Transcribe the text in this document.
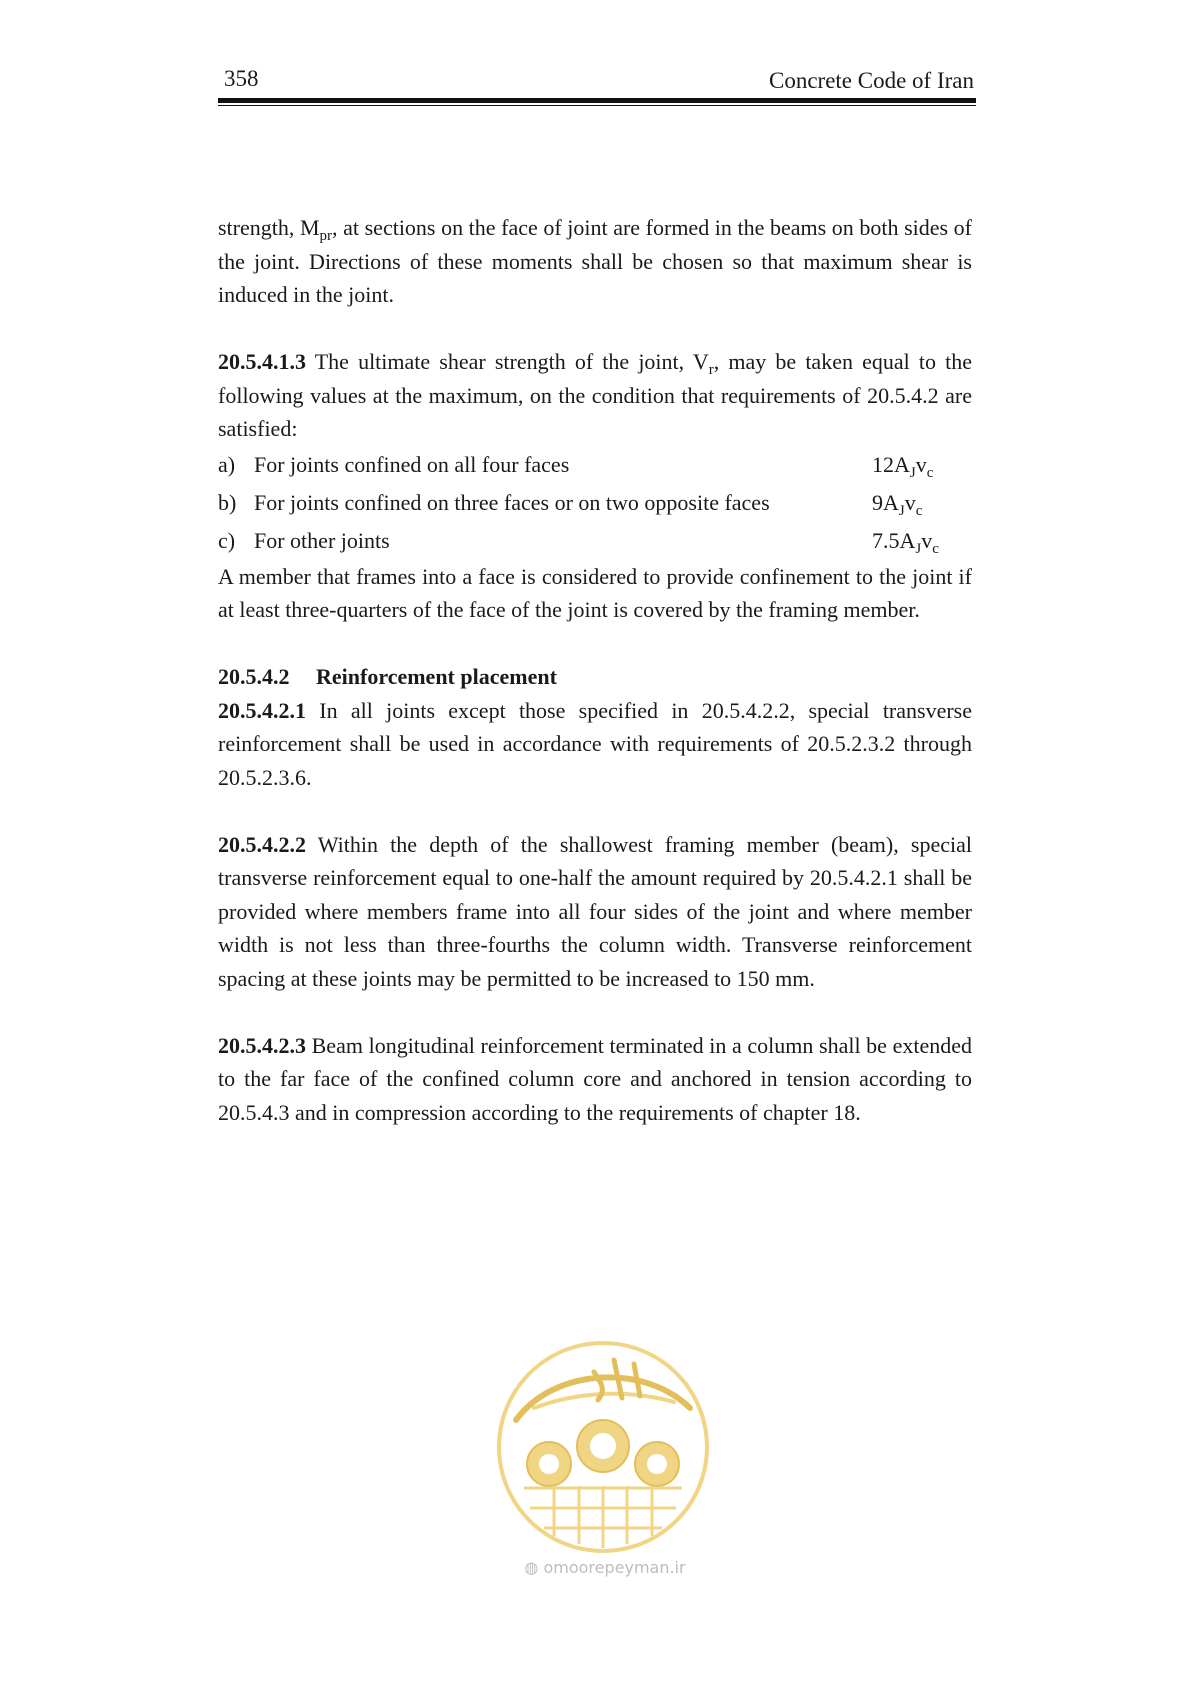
358	Concrete Code of Iran

strength, $M_{pr}$, at sections on the face of joint are formed in the beams on both sides of the joint. Directions of these moments shall be chosen so that maximum shear is induced in the joint.

20.5.4.1.3 The ultimate shear strength of the joint, $V_r$, may be taken equal to the following values at the maximum, on the condition that requirements of 20.5.4.2 are satisfied:

a) For joints confined on all four faces	$12A_Jv_c$
b) For joints confined on three faces or on two opposite faces	$9A_Jv_c$
c) For other joints	$7.5A_Jv_c$

A member that frames into a face is considered to provide confinement to the joint if at least three-quarters of the face of the joint is covered by the framing member.

20.5.4.2 Reinforcement placement

20.5.4.2.1 In all joints except those specified in 20.5.4.2.2, special transverse reinforcement shall be used in accordance with requirements of 20.5.2.3.2 through 20.5.2.3.6.

20.5.4.2.2 Within the depth of the shallowest framing member (beam), special transverse reinforcement equal to one-half the amount required by 20.5.4.2.1 shall be provided where members frame into all four sides of the joint and where member width is not less than three-fourths the column width. Transverse reinforcement spacing at these joints may be permitted to be increased to 150 mm.

20.5.4.2.3 Beam longitudinal reinforcement terminated in a column shall be extended to the far face of the confined column core and anchored in tension according to 20.5.4.3 and in compression according to the requirements of chapter 18.

◍ omoorepeyman.ir
